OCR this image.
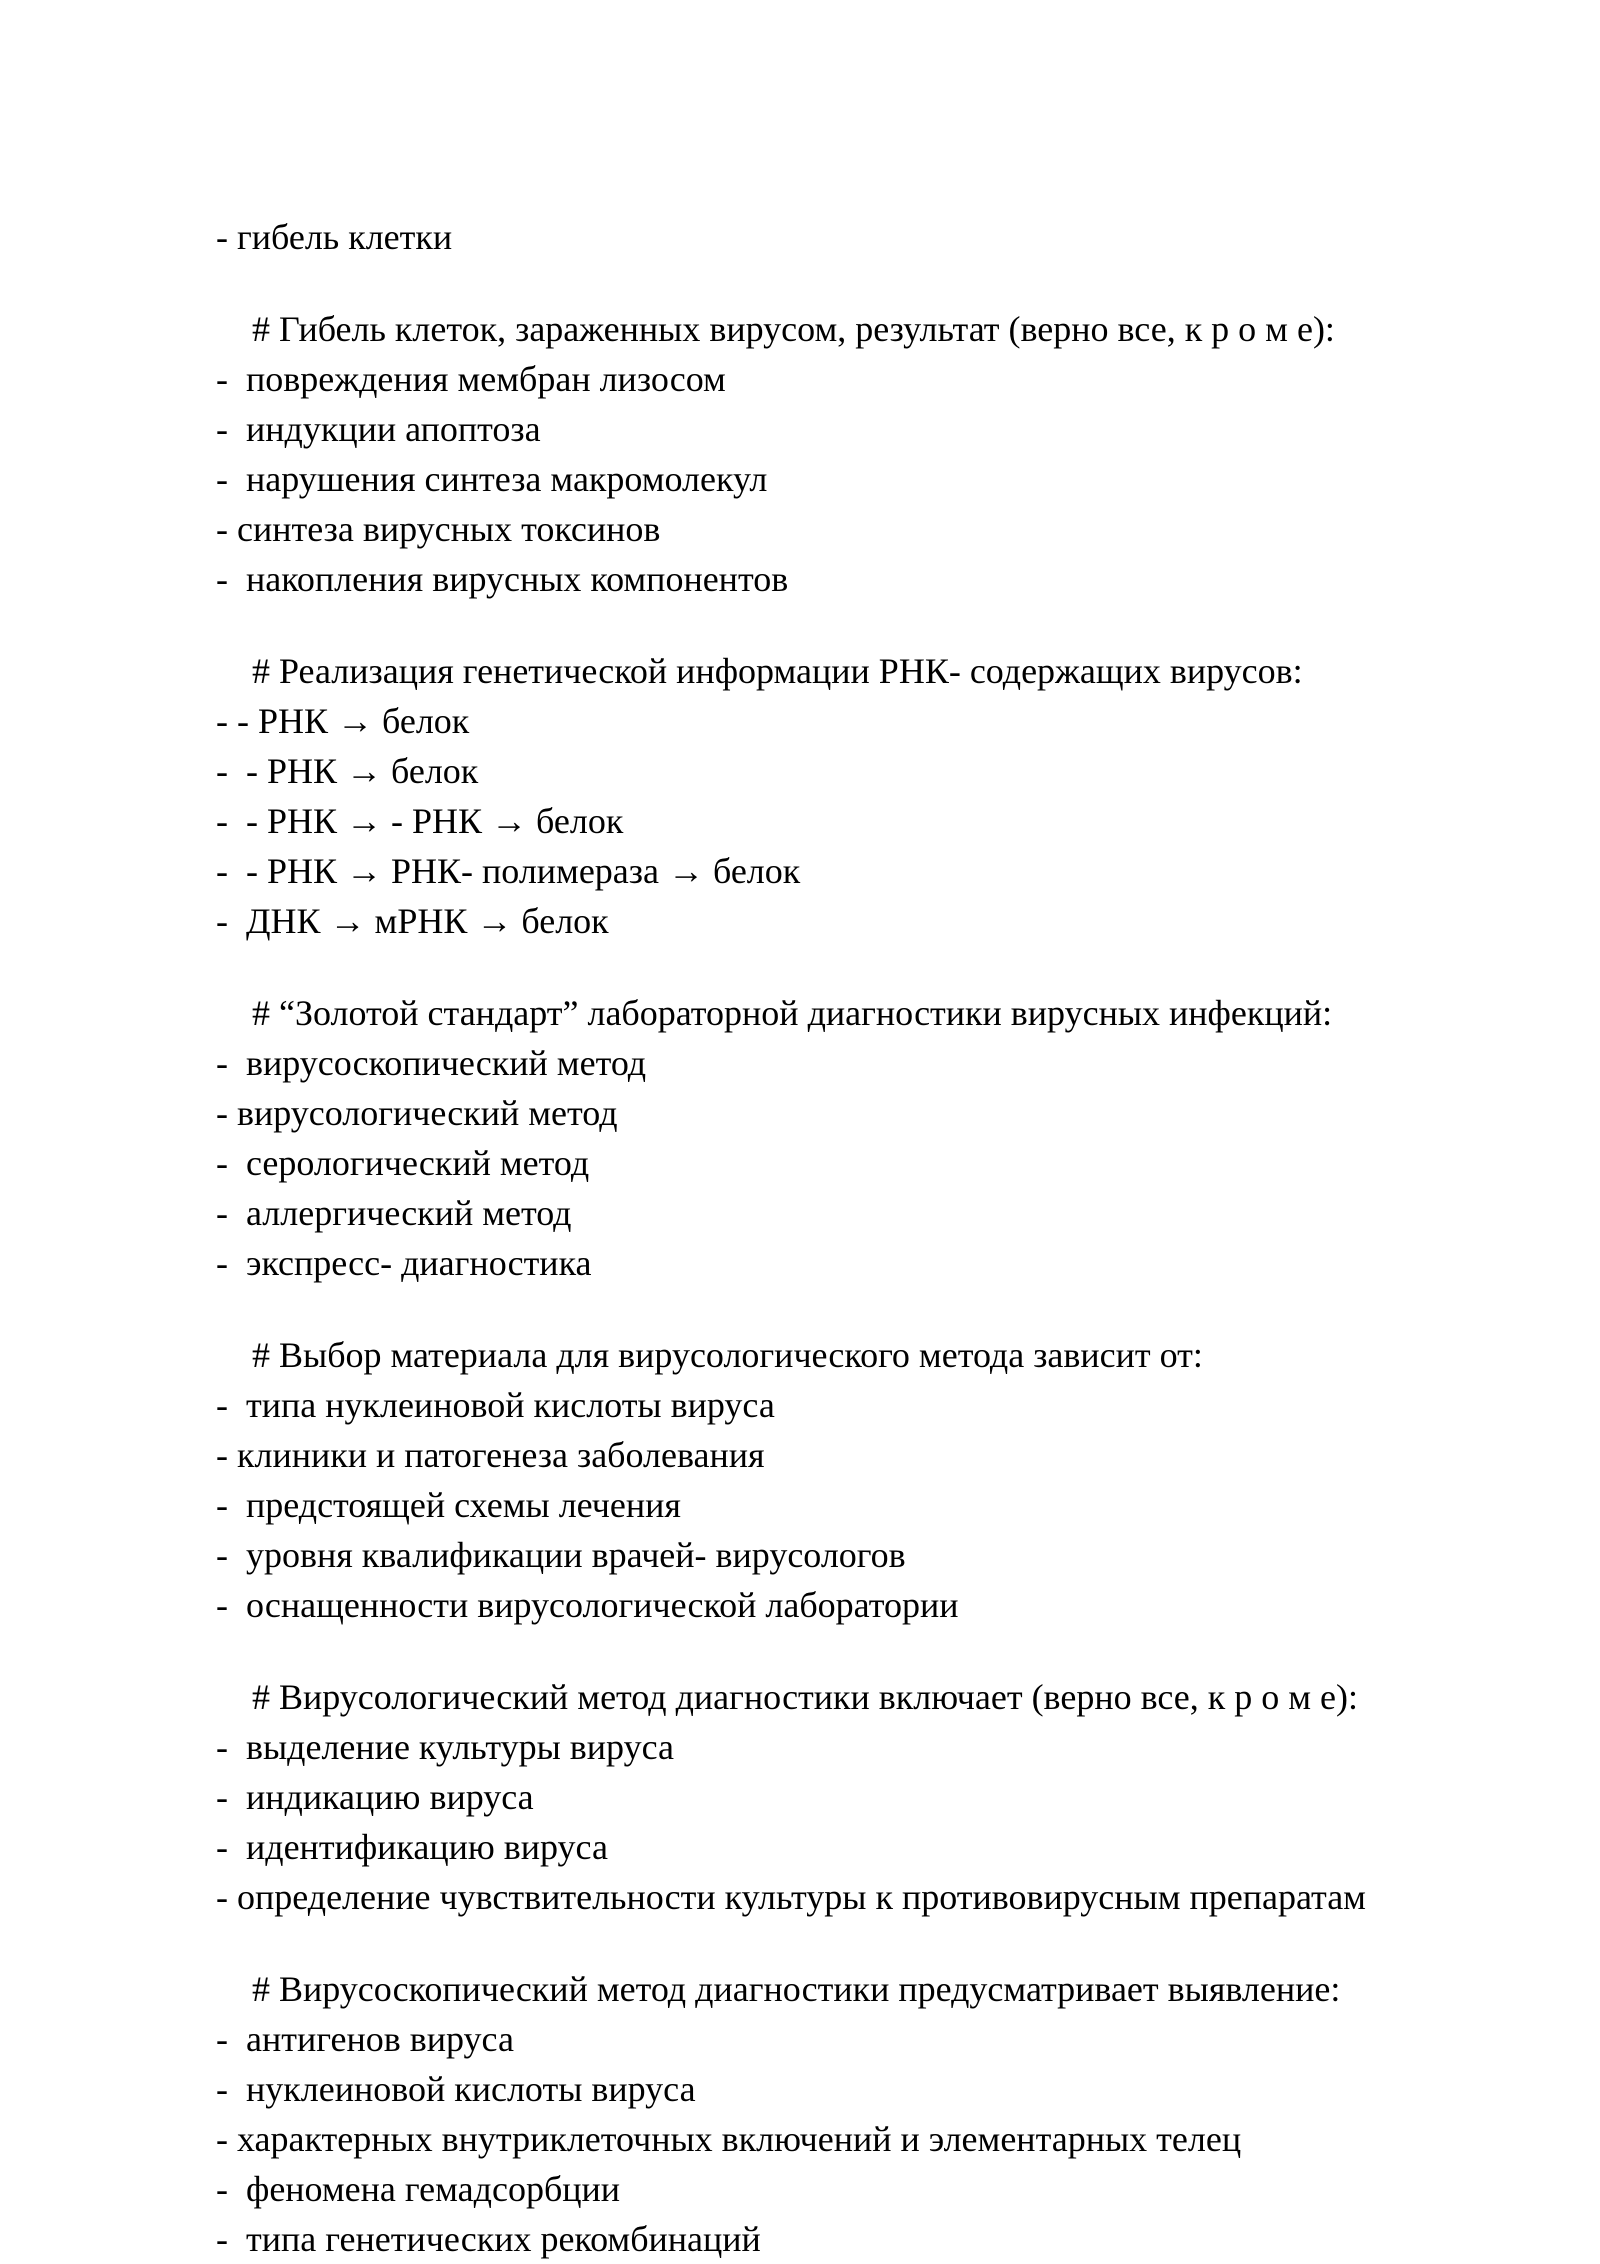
- гибель клетки
# Гибель клеток, зараженных вирусом, результат (верно все, к р о м е):
-  повреждения мембран лизосом
-  индукции апоптоза
-  нарушения синтеза макромолекул
- синтеза вирусных токсинов
-  накопления вирусных компонентов
# Реализация генетической информации РНК- содержащих вирусов:
- - РНК → белок
-  - РНК → белок
-  - РНК → - РНК → белок
-  - РНК → РНК- полимераза → белок
-  ДНК → мРНК → белок
# “Золотой стандарт” лабораторной диагностики вирусных инфекций:
-  вирусоскопический метод
- вирусологический метод
-  серологический метод
-  аллергический метод
-  экспресс- диагностика
# Выбор материала для вирусологического метода зависит от:
-  типа нуклеиновой кислоты вируса
- клиники и патогенеза заболевания
-  предстоящей схемы лечения
-  уровня квалификации врачей- вирусологов
-  оснащенности вирусологической лаборатории
# Вирусологический метод диагностики включает (верно все, к р о м е):
-  выделение культуры вируса
-  индикацию вируса
-  идентификацию вируса
- определение чувствительности культуры к противовирусным препаратам
# Вирусоскопический метод диагностики предусматривает выявление:
-  антигенов вируса
-  нуклеиновой кислоты вируса
- характерных внутриклеточных включений и элементарных телец
-  феномена гемадсорбции
-  типа генетических рекомбинаций
